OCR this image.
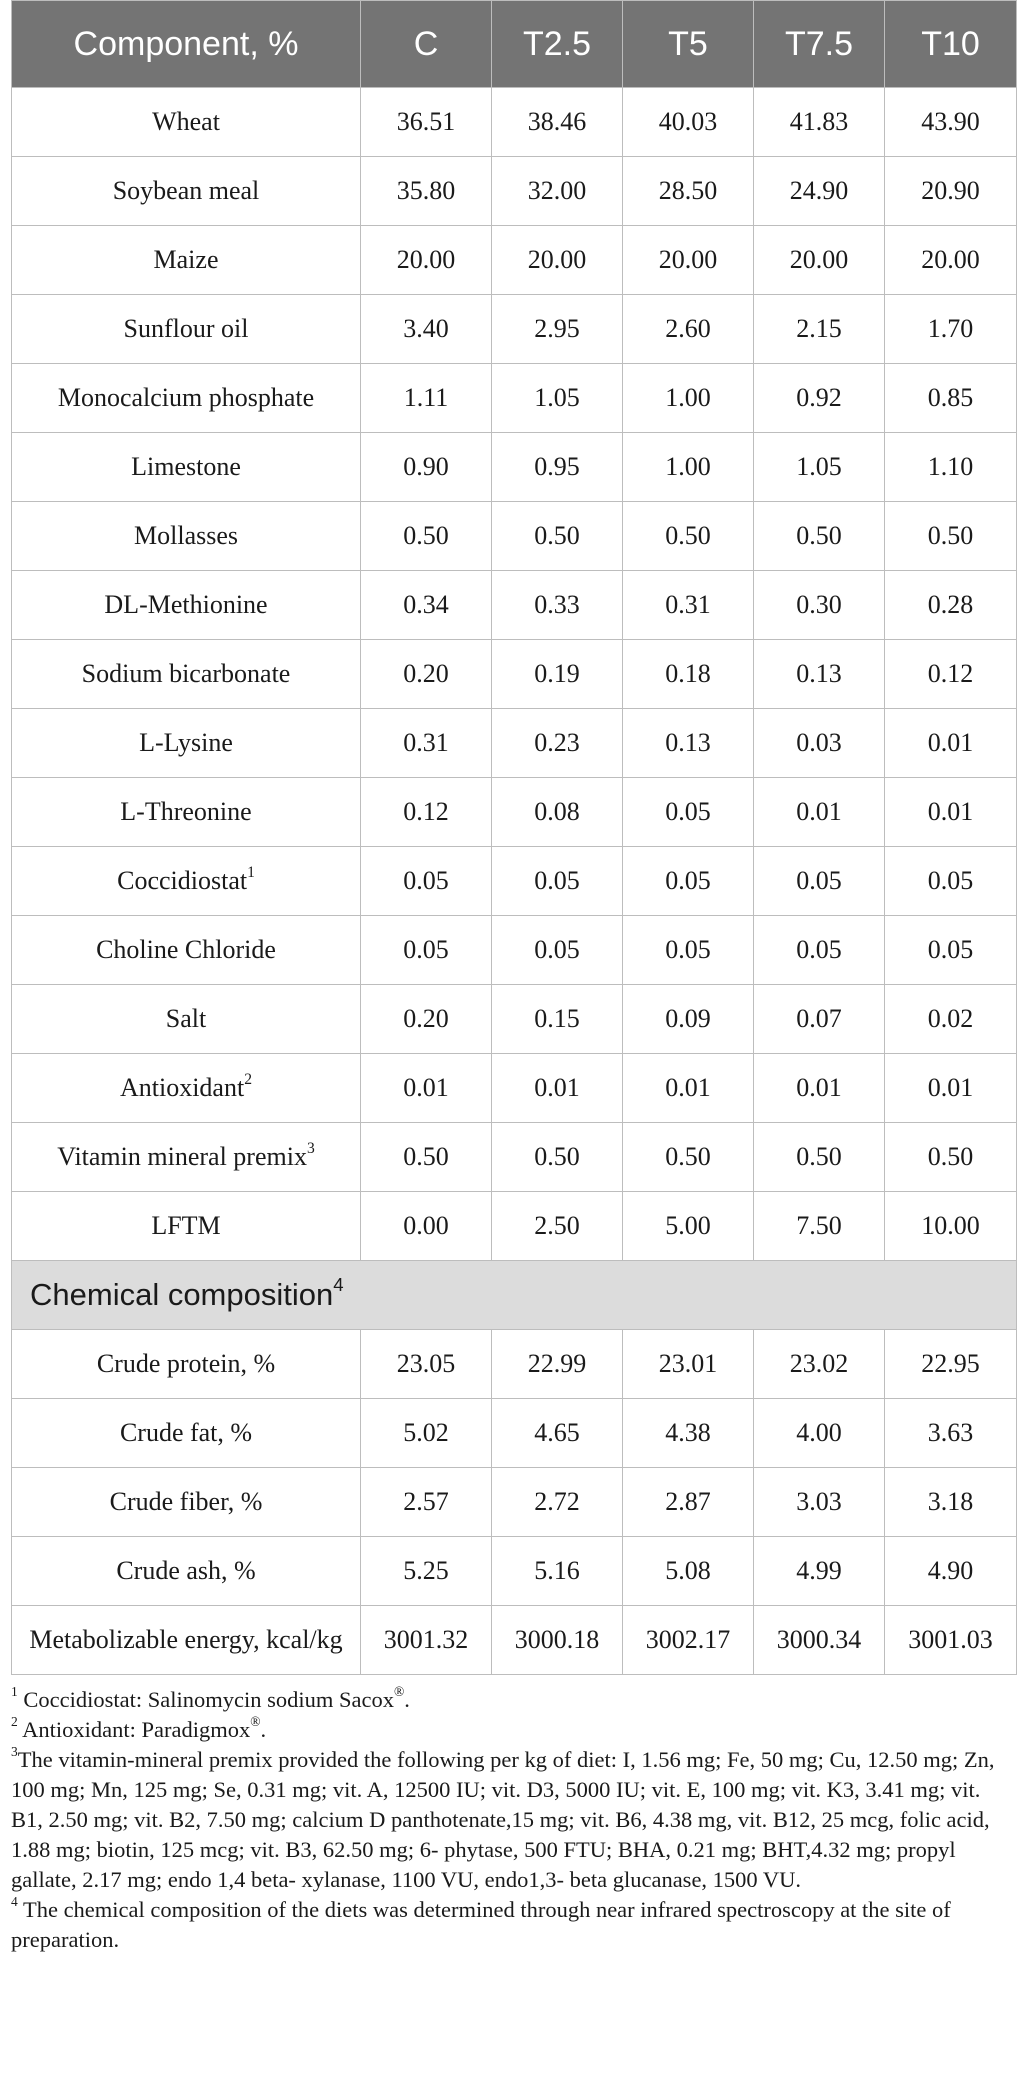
Component, %	C	T2.5	T5	T7.5	T10
Wheat	36.51	38.46	40.03	41.83	43.90
Soybean meal	35.80	32.00	28.50	24.90	20.90
Maize	20.00	20.00	20.00	20.00	20.00
Sunflour oil	3.40	2.95	2.60	2.15	1.70
Monocalcium phosphate	1.11	1.05	1.00	0.92	0.85
Limestone	0.90	0.95	1.00	1.05	1.10
Mollasses	0.50	0.50	0.50	0.50	0.50
DL-Methionine	0.34	0.33	0.31	0.30	0.28
Sodium bicarbonate	0.20	0.19	0.18	0.13	0.12
L-Lysine	0.31	0.23	0.13	0.03	0.01
L-Threonine	0.12	0.08	0.05	0.01	0.01
Coccidiostat$^1$	0.05	0.05	0.05	0.05	0.05
Choline Chloride	0.05	0.05	0.05	0.05	0.05
Salt	0.20	0.15	0.09	0.07	0.02
Antioxidant$^2$	0.01	0.01	0.01	0.01	0.01
Vitamin mineral premix$^3$	0.50	0.50	0.50	0.50	0.50
LFTM	0.00	2.50	5.00	7.50	10.00
Chemical composition$^4$
Crude protein, %	23.05	22.99	23.01	23.02	22.95
Crude fat, %	5.02	4.65	4.38	4.00	3.63
Crude fiber, %	2.57	2.72	2.87	3.03	3.18
Crude ash, %	5.25	5.16	5.08	4.99	4.90
Metabolizable energy, kcal/kg	3001.32	3000.18	3002.17	3000.34	3001.03

$^1$ Coccidiostat: Salinomycin sodium Sacox®.

$^2$ Antioxidant: Paradigmox®.

$^3$The vitamin-mineral premix provided the following per kg of diet: I, 1.56 mg; Fe, 50 mg; Cu, 12.50 mg; Zn, 100 mg; Mn, 125 mg; Se, 0.31 mg; vit. A, 12500 IU; vit. D3, 5000 IU; vit. E, 100 mg; vit. K3, 3.41 mg; vit. B1, 2.50 mg; vit. B2, 7.50 mg; calcium D panthotenate,15 mg; vit. B6, 4.38 mg, vit. B12, 25 mcg, folic acid, 1.88 mg; biotin, 125 mcg; vit. B3, 62.50 mg; 6- phytase, 500 FTU; BHA, 0.21 mg; BHT,4.32 mg; propyl gallate, 2.17 mg; endo 1,4 beta- xylanase, 1100 VU, endo1,3- beta glucanase, 1500 VU.

$^4$ The chemical composition of the diets was determined through near infrared spectroscopy at the site of preparation.
